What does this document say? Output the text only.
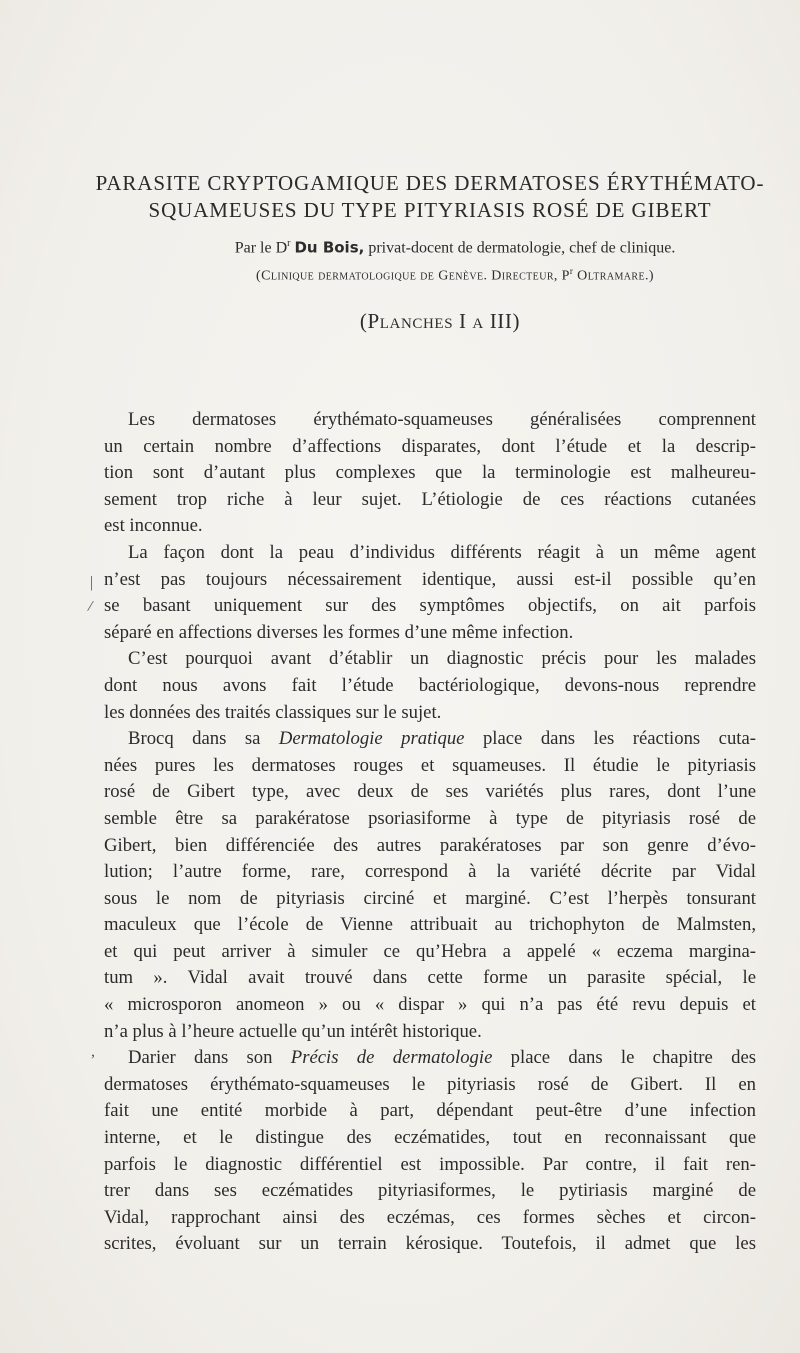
PARASITE CRYPTOGAMIQUE DES DERMATOSES ÉRYTHÉMATO-
SQUAMEUSES DU TYPE PITYRIASIS ROSÉ DE GIBERT
Par le $D^r$ Du Bois, privat-docent de dermatologie, chef de clinique.
(Clinique dermatologique de Genève. Directeur, $P^r$ Oltramare.)
(Planches I a III)
Les dermatoses érythémato-squameuses généralisées comprennent
un certain nombre d’affections disparates, dont l’étude et la descrip-
tion sont d’autant plus complexes que la terminologie est malheureu-
sement trop riche à leur sujet. L’étiologie de ces réactions cutanées
est inconnue.
La façon dont la peau d’individus différents réagit à un même agent
n’est pas toujours nécessairement identique, aussi est-il possible qu’en
se basant uniquement sur des symptômes objectifs, on ait parfois
séparé en affections diverses les formes d’une même infection.
C’est pourquoi avant d’établir un diagnostic précis pour les malades
dont nous avons fait l’étude bactériologique, devons-nous reprendre
les données des traités classiques sur le sujet.
Brocq dans sa Dermatologie pratique place dans les réactions cuta-
nées pures les dermatoses rouges et squameuses. Il étudie le pityriasis
rosé de Gibert type, avec deux de ses variétés plus rares, dont l’une
semble être sa parakératose psoriasiforme à type de pityriasis rosé de
Gibert, bien différenciée des autres parakératoses par son genre d’évo-
lution; l’autre forme, rare, correspond à la variété décrite par Vidal
sous le nom de pityriasis circiné et marginé. C’est l’herpès tonsurant
maculeux que l’école de Vienne attribuait au trichophyton de Malmsten,
et qui peut arriver à simuler ce qu’Hebra a appelé « eczema margina-
tum ». Vidal avait trouvé dans cette forme un parasite spécial, le
« microsporon anomeon » ou « dispar » qui n’a pas été revu depuis et
n’a plus à l’heure actuelle qu’un intérêt historique.
Darier dans son Précis de dermatologie place dans le chapitre des
dermatoses érythémato-squameuses le pityriasis rosé de Gibert. Il en
fait une entité morbide à part, dépendant peut-être d’une infection
interne, et le distingue des eczématides, tout en reconnaissant que
parfois le diagnostic différentiel est impossible. Par contre, il fait ren-
trer dans ses eczématides pityriasiformes, le pytiriasis marginé de
Vidal, rapprochant ainsi des eczémas, ces formes sèches et circon-
scrites, évoluant sur un terrain kérosique. Toutefois, il admet que les
|
/
,
